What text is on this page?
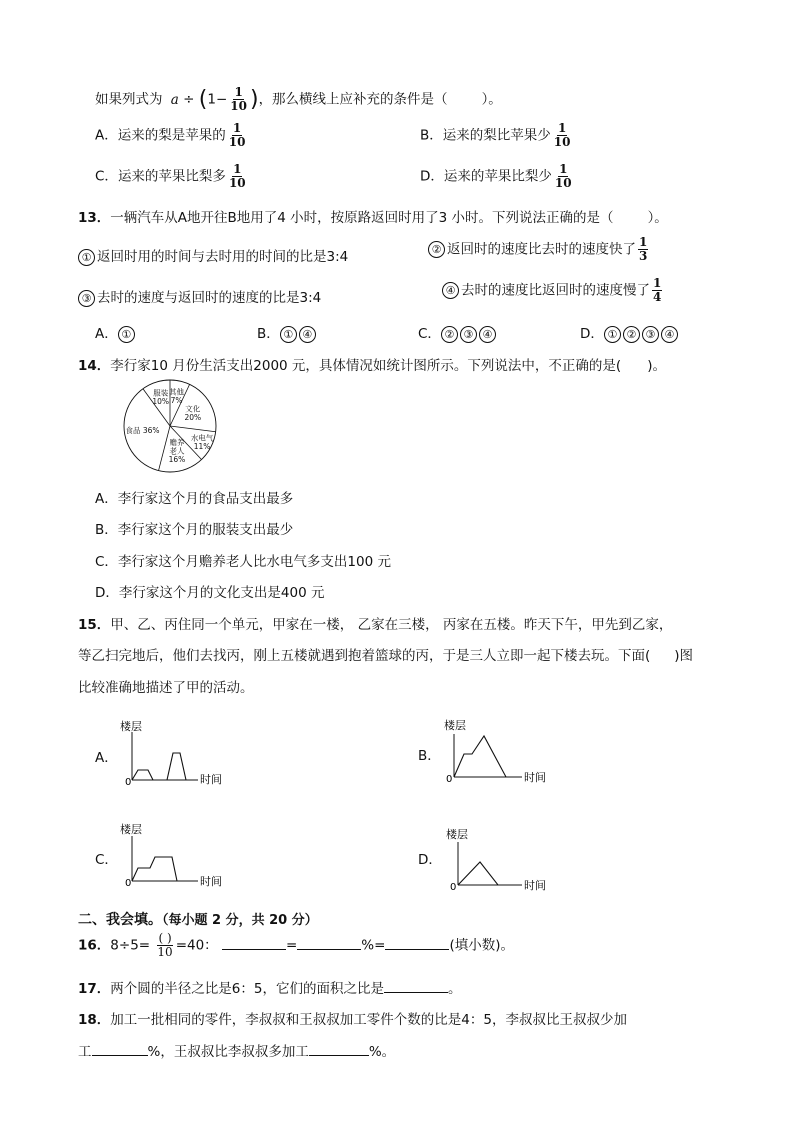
如果列式为 $a \div (1- \frac{1}{10}$ )，那么横线上应补充的条件是（	）。
A．运来的梨是苹果的 $\frac{1}{10}$	B．运来的梨比苹果少 $\frac{1}{10}$
C．运来的苹果比梨多 $\frac{1}{10}$	D．运来的苹果比梨少 $\frac{1}{10}$
13．一辆汽车从A地开往B地用了4 小时，按原路返回时用了3 小时。下列说法正确的是（	）。
① 返回时用的时间与去时用的时间的比是3:4	② 返回时的速度比去时的速度快了 $\frac{1}{3}$
③ 去时的速度与返回时的速度的比是3:4	④ 去时的速度比返回时的速度慢了 $\frac{1}{4}$
A． ①	B． ① ④	C． ② ③ ④	D． ① ② ③ ④
14．李行家10 月份生活支出2000 元，具体情况如统计图所示。下列说法中，不正确的是( )。
服装 10%
其他 7%
文化 20%
水电气 11%
赡养老人 16%
食品 36%
A．李行家这个月的食品支出最多
B．李行家这个月的服装支出最少
C．李行家这个月赡养老人比水电气多支出100 元
D．李行家这个月的文化支出是400 元
15．甲、乙、丙住同一个单元，甲家在一楼， 乙家在三楼， 丙家在五楼。昨天下午，甲先到乙家，
等乙扫完地后，他们去找丙，刚上五楼就遇到抱着篮球的丙，于是三人立即一起下楼去玩。下面( )图
比较准确地描述了甲的活动。
A．
楼层
0	时间
B．
楼层
0	时间
C．
楼层
0	时间
D．
楼层
0	时间
二、我会填。（每小题 2 分，共 20 分）
16．$8\div 5= \frac{( )}{10} =40$：	=	%=	(填小数)。
17．两个圆的半径之比是6：5，它们的面积之比是	。
18．加工一批相同的零件，李叔叔和王叔叔加工零件个数的比是4：5，李叔叔比王叔叔少加
工	%，王叔叔比李叔叔多加工	%。
